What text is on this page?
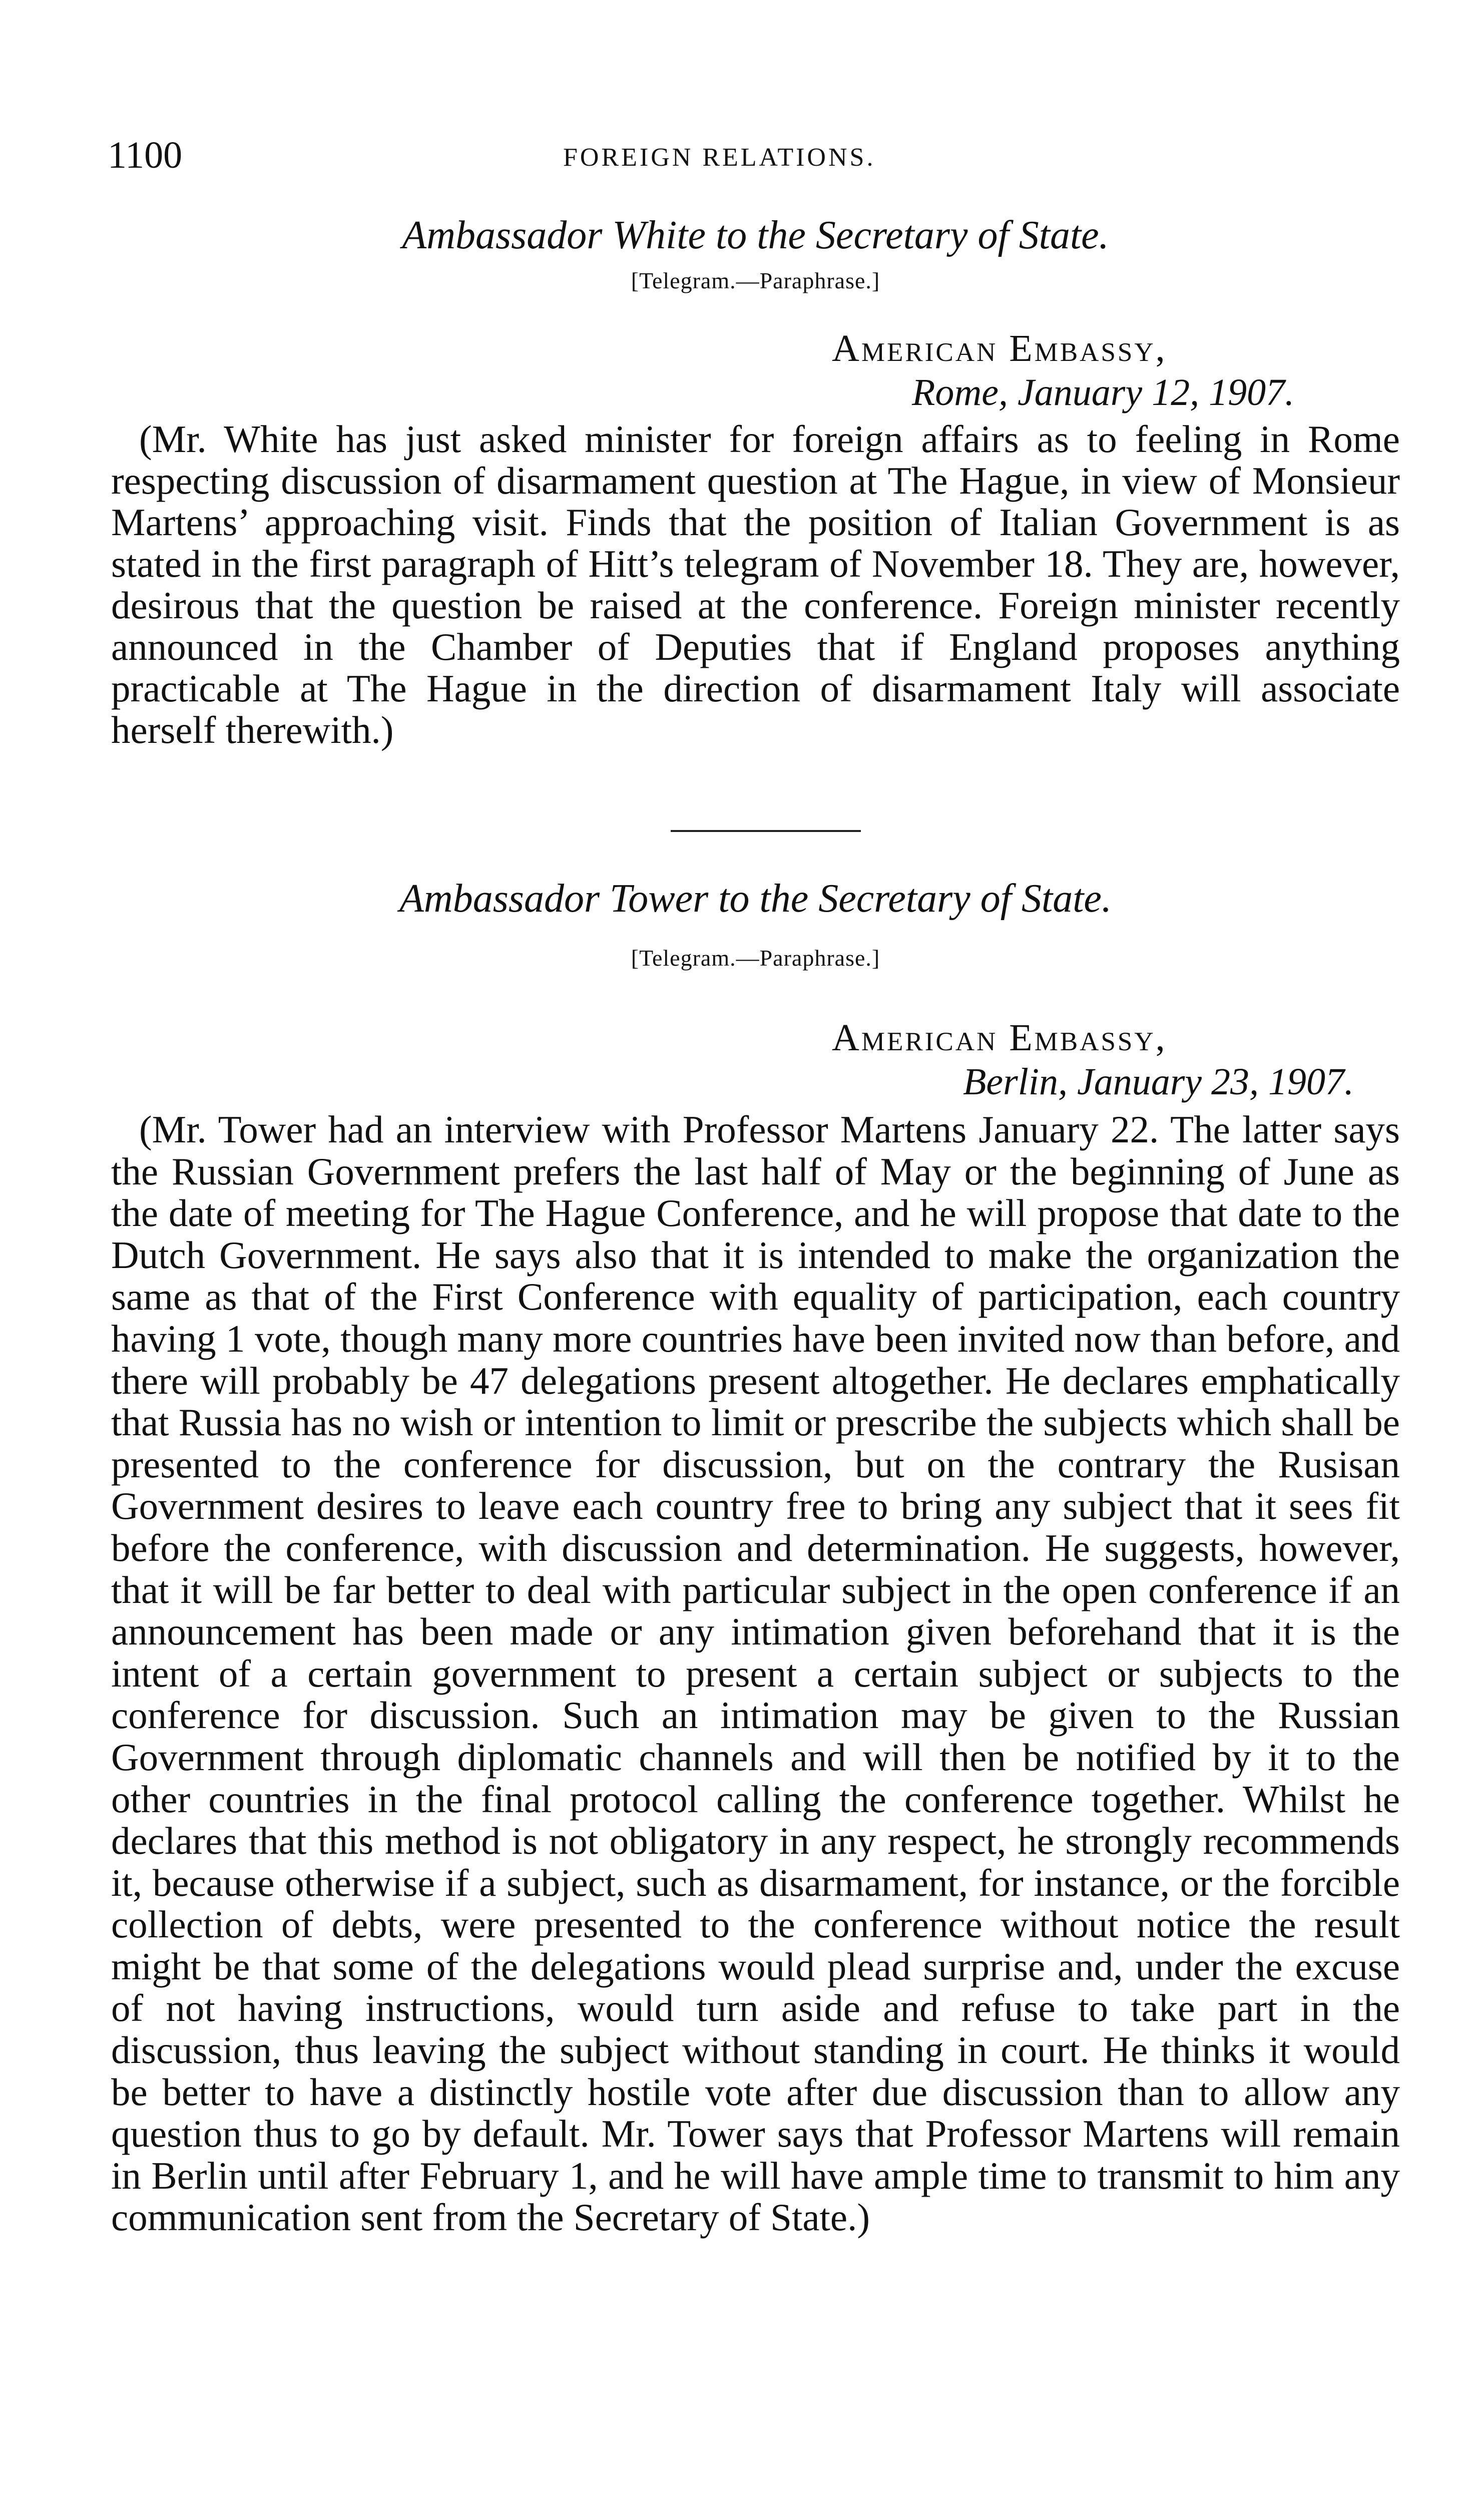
1100	FOREIGN RELATIONS.
Ambassador White to the Secretary of State.

[Telegram.—Paraphrase.]

American Embassy,
Rome, January 12, 1907.

(Mr. White has just asked minister for foreign affairs as to feeling in Rome respecting discussion of disarmament question at The Hague, in view of Monsieur Martens’ approaching visit. Finds that the position of Italian Government is as stated in the first paragraph of Hitt’s telegram of November 18. They are, however, desirous that the question be raised at the conference. Foreign minister recently announced in the Chamber of Deputies that if England proposes anything practicable at The Hague in the direction of disarmament Italy will associate herself therewith.)

Ambassador Tower to the Secretary of State.

[Telegram.—Paraphrase.]

American Embassy,
Berlin, January 23, 1907.

(Mr. Tower had an interview with Professor Martens January 22. The latter says the Russian Government prefers the last half of May or the beginning of June as the date of meeting for The Hague Conference, and he will propose that date to the Dutch Government. He says also that it is intended to make the organization the same as that of the First Conference with equality of participation, each country having 1 vote, though many more countries have been invited now than before, and there will probably be 47 delegations present altogether. He declares emphatically that Russia has no wish or intention to limit or prescribe the subjects which shall be presented to the conference for discussion, but on the contrary the Rusisan Government desires to leave each country free to bring any subject that it sees fit before the conference, with discussion and determination. He suggests, however, that it will be far better to deal with particular subject in the open conference if an announcement has been made or any intimation given beforehand that it is the intent of a certain government to present a certain subject or subjects to the conference for discussion. Such an intimation may be given to the Russian Government through diplomatic channels and will then be notified by it to the other countries in the final protocol calling the conference together. Whilst he declares that this method is not obligatory in any respect, he strongly recommends it, because otherwise if a subject, such as disarmament, for instance, or the forcible collection of debts, were presented to the conference without notice the result might be that some of the delegations would plead surprise and, under the excuse of not having instructions, would turn aside and refuse to take part in the discussion, thus leaving the subject without standing in court. He thinks it would be better to have a distinctly hostile vote after due discussion than to allow any question thus to go by default. Mr. Tower says that Professor Martens will remain in Berlin until after February 1, and he will have ample time to transmit to him any communication sent from the Secretary of State.)
